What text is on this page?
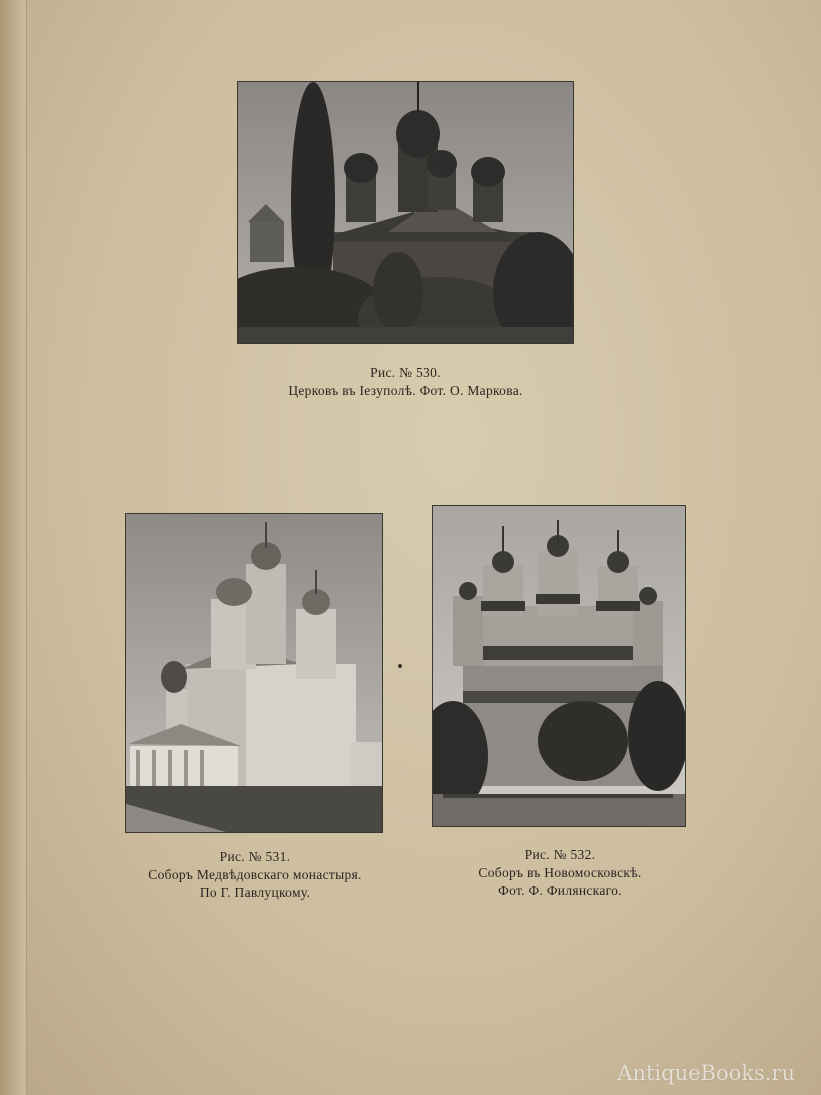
Рис. № 530.
Церковъ въ Iезуполѣ. Фот. О. Маркова.
Рис. № 531.
Соборъ Медвѣдовскаго монастыря.
По Г. Павлуцкому.
Рис. № 532.
Соборъ въ Новомосковскѣ.
Фот. Ф. Филянскаго.
AntiqueBooks.ru
